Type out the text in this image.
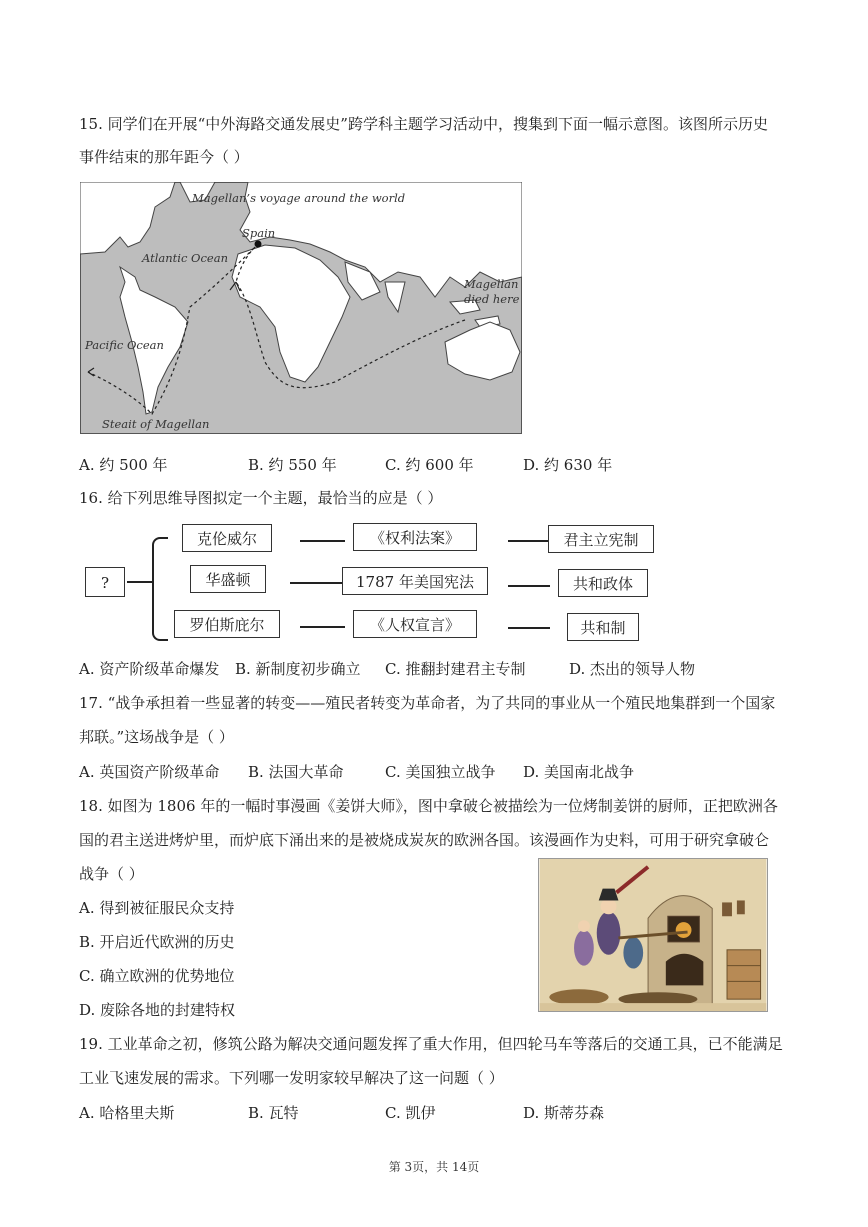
15. 同学们在开展“中外海路交通发展史”跨学科主题学习活动中，搜集到下面一幅示意图。该图所示历史
事件结束的那年距今（ ）
Magellan’s voyage around the world
Spain
Atlantic Ocean
Pacific Ocean
Magellan
died here
Steait of Magellan
A. 约 500 年	B. 约 550 年	C. 约 600 年	D. 约 630 年
16. 给下列思维导图拟定一个主题，最恰当的应是（ ）
?
克伦威尔
华盛顿
罗伯斯庇尔
《权利法案》
1787 年美国宪法
《人权宣言》
君主立宪制
共和政体
共和制
A. 资产阶级革命爆发 B. 新制度初步确立 C. 推翻封建君主专制	D. 杰出的领导人物
17. “战争承担着一些显著的转变——殖民者转变为革命者，为了共同的事业从一个殖民地集群到一个国家
邦联。”这场战争是（ ）
A. 英国资产阶级革命 B. 法国大革命	C. 美国独立战争 D. 美国南北战争
18. 如图为 1806 年的一幅时事漫画《姜饼大师》，图中拿破仑被描绘为一位烤制姜饼的厨师，正把欧洲各
国的君主送进烤炉里，而炉底下涌出来的是被烧成炭灰的欧洲各国。该漫画作为史料，可用于研究拿破仑
战争（ ）
A. 得到被征服民众支持
B. 开启近代欧洲的历史
C. 确立欧洲的优势地位
D. 废除各地的封建特权
19. 工业革命之初，修筑公路为解决交通问题发挥了重大作用，但四轮马车等落后的交通工具，已不能满足
工业飞速发展的需求。下列哪一发明家较早解决了这一问题（ ）
A. 哈格里夫斯	B. 瓦特	C. 凯伊	D. 斯蒂芬森
第 3页，共 14页
